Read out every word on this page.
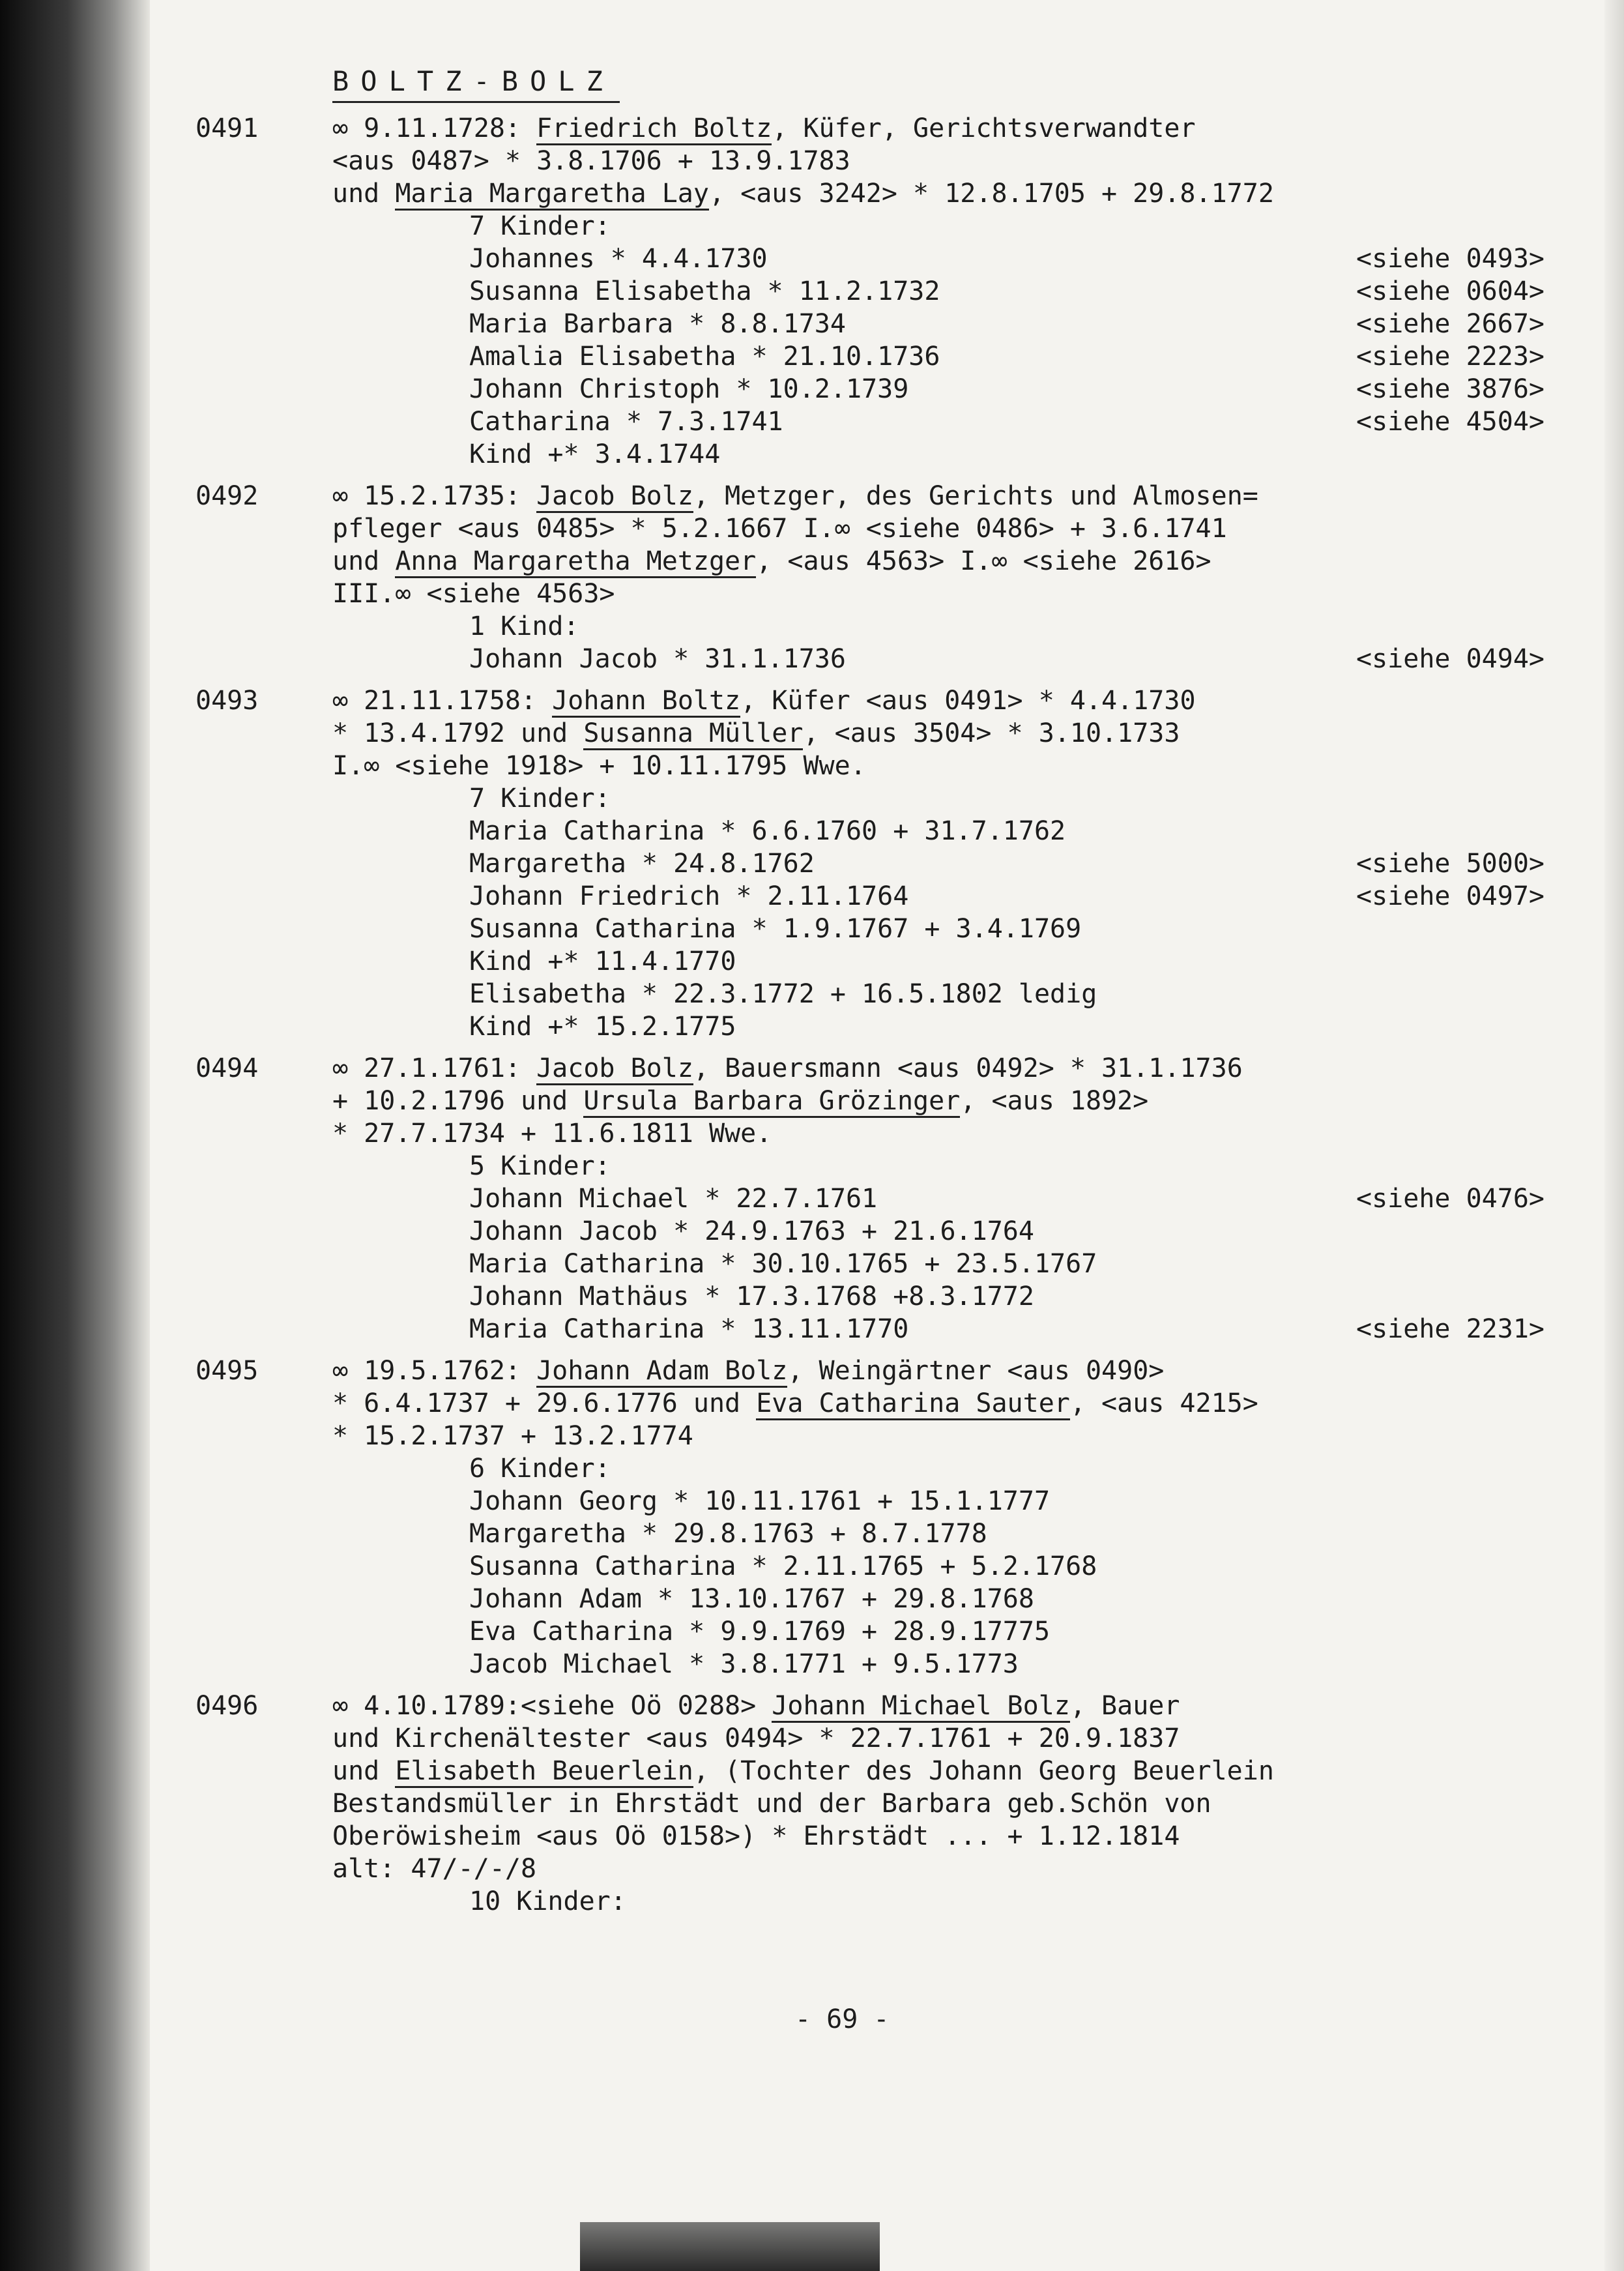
BOLTZ-BOLZ
0491	∞ 9.11.1728: Friedrich Boltz, Küfer, Gerichtsverwandter
<aus 0487> * 3.8.1706 + 13.9.1783
und Maria Margaretha Lay, <aus 3242> * 12.8.1705 + 29.8.1772
7 Kinder:
Johannes * 4.4.1730	<siehe 0493>
Susanna Elisabetha * 11.2.1732	<siehe 0604>
Maria Barbara * 8.8.1734	<siehe 2667>
Amalia Elisabetha * 21.10.1736	<siehe 2223>
Johann Christoph * 10.2.1739	<siehe 3876>
Catharina * 7.3.1741	<siehe 4504>
Kind +* 3.4.1744
0492	∞ 15.2.1735: Jacob Bolz, Metzger, des Gerichts und Almosen=
pfleger <aus 0485> * 5.2.1667 I.∞ <siehe 0486> + 3.6.1741
und Anna Margaretha Metzger, <aus 4563> I.∞ <siehe 2616>
III.∞ <siehe 4563>
1 Kind:
Johann Jacob * 31.1.1736	<siehe 0494>
0493	∞ 21.11.1758: Johann Boltz, Küfer <aus 0491> * 4.4.1730
* 13.4.1792 und Susanna Müller, <aus 3504> * 3.10.1733
I.∞ <siehe 1918> + 10.11.1795 Wwe.
7 Kinder:
Maria Catharina * 6.6.1760 + 31.7.1762
Margaretha * 24.8.1762	<siehe 5000>
Johann Friedrich * 2.11.1764	<siehe 0497>
Susanna Catharina * 1.9.1767 + 3.4.1769
Kind +* 11.4.1770
Elisabetha * 22.3.1772 + 16.5.1802 ledig
Kind +* 15.2.1775
0494	∞ 27.1.1761: Jacob Bolz, Bauersmann <aus 0492> * 31.1.1736
+ 10.2.1796 und Ursula Barbara Grözinger, <aus 1892>
* 27.7.1734 + 11.6.1811 Wwe.
5 Kinder:
Johann Michael * 22.7.1761	<siehe 0476>
Johann Jacob * 24.9.1763 + 21.6.1764
Maria Catharina * 30.10.1765 + 23.5.1767
Johann Mathäus * 17.3.1768 +8.3.1772
Maria Catharina * 13.11.1770	<siehe 2231>
0495	∞ 19.5.1762: Johann Adam Bolz, Weingärtner <aus 0490>
* 6.4.1737 + 29.6.1776 und Eva Catharina Sauter, <aus 4215>
* 15.2.1737 + 13.2.1774
6 Kinder:
Johann Georg * 10.11.1761 + 15.1.1777
Margaretha * 29.8.1763 + 8.7.1778
Susanna Catharina * 2.11.1765 + 5.2.1768
Johann Adam * 13.10.1767 + 29.8.1768
Eva Catharina * 9.9.1769 + 28.9.17775
Jacob Michael * 3.8.1771 + 9.5.1773
0496	∞ 4.10.1789:<siehe Oö 0288> Johann Michael Bolz, Bauer
und Kirchenältester <aus 0494> * 22.7.1761 + 20.9.1837
und Elisabeth Beuerlein, (Tochter des Johann Georg Beuerlein
Bestandsmüller in Ehrstädt und der Barbara geb.Schön von
Oberöwisheim <aus Oö 0158>) * Ehrstädt ... + 1.12.1814
alt: 47/-/-/8
10 Kinder:
- 69 -
